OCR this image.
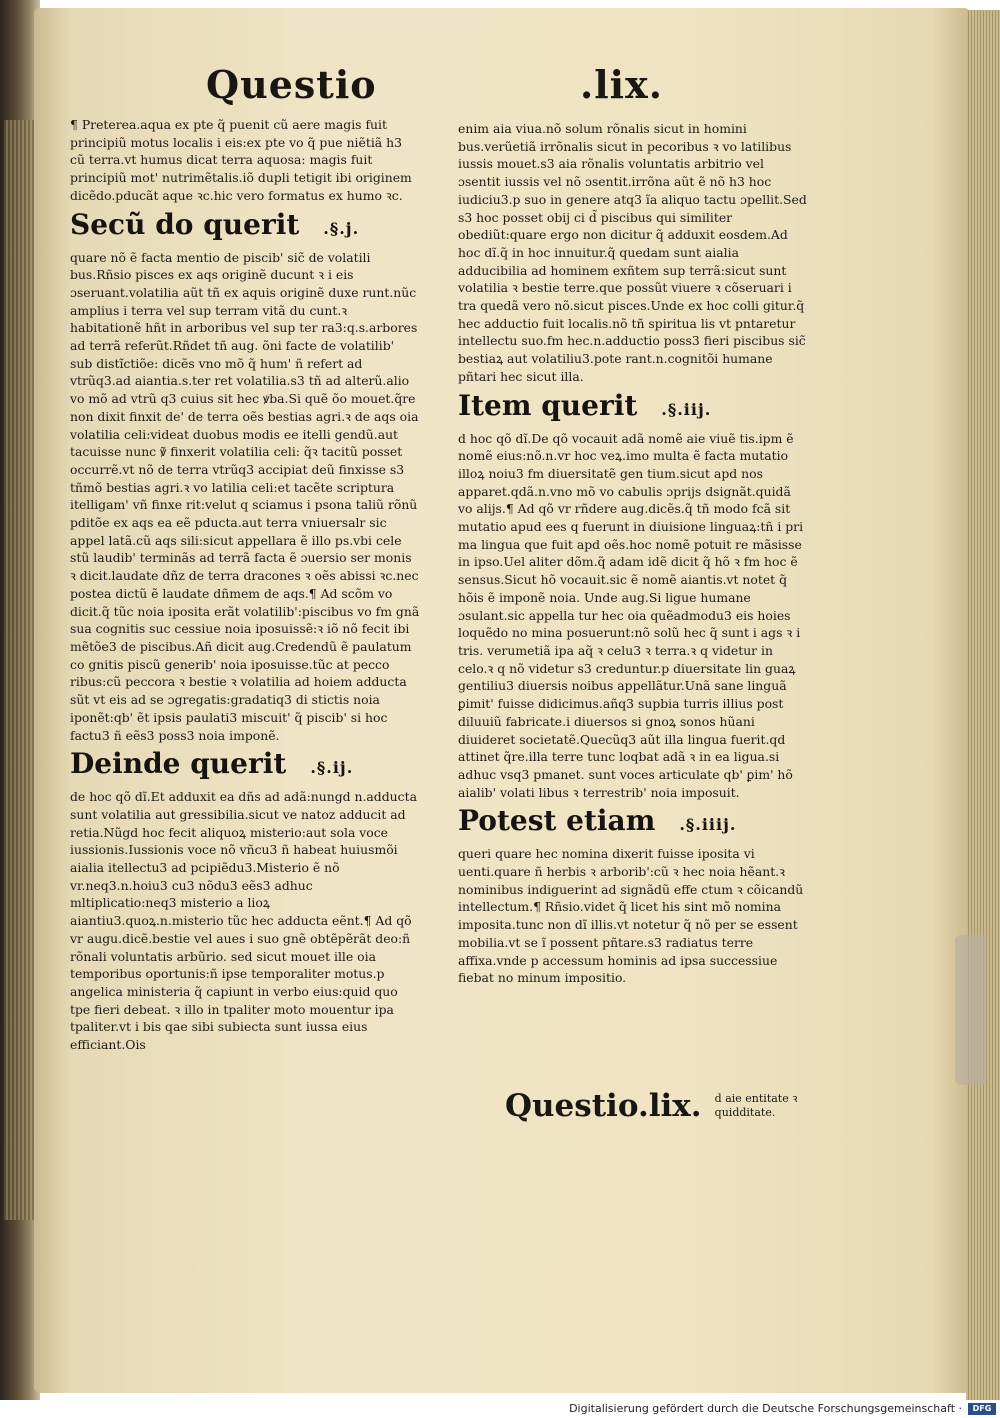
Questio	.lix.

¶ Preterea.aqua ex pte q̃ puenit cũ aere magis fuit principiũ motus localis i eis:ex pte vo q̃ pue niẽtiã h3 cũ terra.vt humus dicat terra aquosa: magis fuit principiũ mot' nutrimẽtalis.iõ dupli tetigit ibi originem dicẽdo.pducãt aque ꝛc.hic vero formatus ex humo ꝛc.

Secũ do querit .§.j.

quare nõ ẽ facta mentio de piscib' sic̃ de volatili bus.Rñsio pisces ex aqs originẽ ducunt ꝛ i eis ɔseruant.volatilia aũt tñ ex aquis originẽ duxe runt.nũc amplius i terra vel sup terram vitã du cunt.ꝛ habitationẽ hñt in arboribus vel sup ter ra3:q.s.arbores ad terrã referũt.Rñdet tñ aug. õni facte de volatilib' sub distĩctiõe: dicẽs vno mõ q̃ hum' ñ refert ad vtrũq3.ad aiantia.s.ter ret volatilia.s3 tñ ad alterũ.alio vo mõ ad vtrũ q3 cuius sit hec ꝟba.Si quẽ õo mouet.q̃re non dixit finxit de' de terra oẽs bestias agri.ꝛ de aqs oia volatilia celi:videat duobus modis ee itelli gendũ.aut tacuisse nunc ꝟ̃ finxerit volatilia celi: q̃ꝛ tacitũ posset occurrẽ.vt nõ de terra vtrũq3 accipiat deũ finxisse s3 tñmõ bestias agri.ꝛ vo latilia celi:et tacẽte scriptura itelligam' vñ finxe rit:velut q sciamus i psona taliũ rõnũ pditõe ex aqs ea eẽ pducta.aut terra vniuersalr sic appel latã.cũ aqs sili:sicut appellara ẽ illo ps.vbi cele stũ laudib' terminãs ad terrã facta ẽ ɔuersio ser monis ꝛ dicit.laudate dñz de terra dracones ꝛ oẽs abissi ꝛc.nec postea dictũ ẽ laudate dñmem de aqs.¶ Ad scõm vo dicit.q̃ tũc noia iposita erãt volatilib':piscibus vo fm gnã sua cognitis suc cessiue noia iposuissẽ:ꝛ iõ nõ fecit ibi mẽtõe3 de piscibus.Añ dicit aug.Credendũ ẽ paulatum co gnitis piscũ generib' noia iposuisse.tũc at pecco ribus:cũ peccora ꝛ bestie ꝛ volatilia ad hoiem adducta sũt vt eis ad se ɔgregatis:gradatiq3 di stictis noia iponẽt:qb' ẽt ipsis paulati3 miscuit' q̃ piscib' si hoc factu3 ñ eẽs3 poss3 noia imponẽ.

Deinde querit .§.ij.

de hoc qõ dĩ.Et adduxit ea dñs ad adã:nungd n.adducta sunt volatilia aut gressibilia.sicut ve natoz adducit ad retia.Nũgd hoc fecit aliquoꝝ misterio:aut sola voce iussionis.Iussionis voce nõ vñcu3 ñ habeat huiusmõi aialia itellectu3 ad pcipiẽdu3.Misterio ẽ nõ vr.neq3.n.hoiu3 cu3 nõdu3 eẽs3 adhuc mltiplicatio:neq3 misterio a lioꝝ aiantiu3.quoꝝ.n.misterio tũc hec adducta eẽnt.¶ Ad qõ vr augu.dicẽ.bestie vel aues i suo gnẽ obtẽpẽrãt deo:ñ rõnali voluntatis arbũrio. sed sicut mouet ille oia temporibus oportunis:ñ ipse temporaliter motus.p angelica ministeria q̃ capiunt in verbo eius:quid quo tpe fieri debeat. ꝛ illo in tpaliter moto mouentur ipa tpaliter.vt i bis qae sibi subiecta sunt iussa eius efficiant.Ois

enim aia viua.nõ solum rõnalis sicut in homini bus.verũetiã irrõnalis sicut in pecoribus ꝛ vo latilibus iussis mouet.s3 aia rõnalis voluntatis arbitrio vel ɔsentit iussis vel nõ ɔsentit.irrõna aũt ẽ nõ h3 hoc iudiciu3.p suo in genere atq3 ĩa aliquo tactu ɔpellit.Sed s3 hoc posset obij ci d̃ piscibus qui similiter obediũt:quare ergo non dicitur q̃ adduxit eosdem.Ad hoc dĩ.q̃ in hoc innuitur.q̃ quedam sunt aialia adducibilia ad hominem exñtem sup terrã:sicut sunt volatilia ꝛ bestie terre.que possũt viuere ꝛ cõseruari i tra quedã vero nõ.sicut pisces.Unde ex hoc colli gitur.q̃ hec adductio fuit localis.nõ tñ spiritua lis vt pntaretur intellectu suo.fm hec.n.adductio poss3 fieri piscibus sic̃ bestiaꝝ aut volatiliu3.pote rant.n.cognitõi humane pñtari hec sicut illa.

Item querit .§.iij.

d hoc qõ dĩ.De qõ vocauit adã nomẽ aie viuẽ tis.ipm ẽ nomẽ eius:nõ.n.vr hoc veꝝ.imo multa ẽ facta mutatio illoꝝ noiu3 fm diuersitatẽ gen tium.sicut apd nos apparet.qdã.n.vno mõ vo cabulis ɔprijs dsignãt.quidã vo alijs.¶ Ad qõ vr rñdere aug.dicẽs.q̃ tñ modo fcã sit mutatio apud ees q fuerunt in diuisione linguaꝝ:tñ i pri ma lingua que fuit apd oẽs.hoc nomẽ potuit re mãsisse in ipso.Uel aliter dõm.q̃ adam idẽ dicit q̃ hõ ꝛ fm hoc ẽ sensus.Sicut hõ vocauit.sic ẽ nomẽ aiantis.vt notet q̃ hõis ẽ imponẽ noia. Unde aug.Si ligue humane ɔsulant.sic appella tur hec oia quẽadmodu3 eis hoies loquẽdo no mina posuerunt:nõ solũ hec q̃ sunt i ags ꝛ i tris. verumetiã ipa aq̃ ꝛ celu3 ꝛ terra.ꝛ q videtur in celo.ꝛ q nõ videtur s3 creduntur.p diuersitate lin guaꝝ gentiliu3 diuersis noibus appellãtur.Unã sane linguã ꝑimit' fuisse didicimus.añq3 supbia turris illius post diluuiũ fabricate.i diuersos si gnoꝝ sonos hũani diuideret societatẽ.Quecũq3 aũt illa lingua fuerit.qd attinet q̃re.illa terre tunc loqbat adã ꝛ in ea ligua.si adhuc vsq3 pmanet. sunt voces articulate qb' ꝑim' hõ aialib' volati libus ꝛ terrestrib' noia imposuit.

Potest etiam .§.iiij.

queri quare hec nomina dixerit fuisse iposita vi uenti.quare ñ herbis ꝛ arborib':cũ ꝛ hec noia hẽant.ꝛ nominibus indiguerint ad signãdũ effe ctum ꝛ cõicandũ intellectum.¶ Rñsio.videt q̃ licet his sint mõ nomina imposita.tunc non dĩ illis.vt notetur q̃ nõ per se essent mobilia.vt se ĩ possent pñtare.s3 radiatus terre affixa.vnde p accessum hominis ad ipsa successiue fiebat no minum impositio.

Questio.lix. d aie entitate ꝛ
quidditate.
Digitalisierung gefördert durch die Deutsche Forschungsgemeinschaft ·	DFG
